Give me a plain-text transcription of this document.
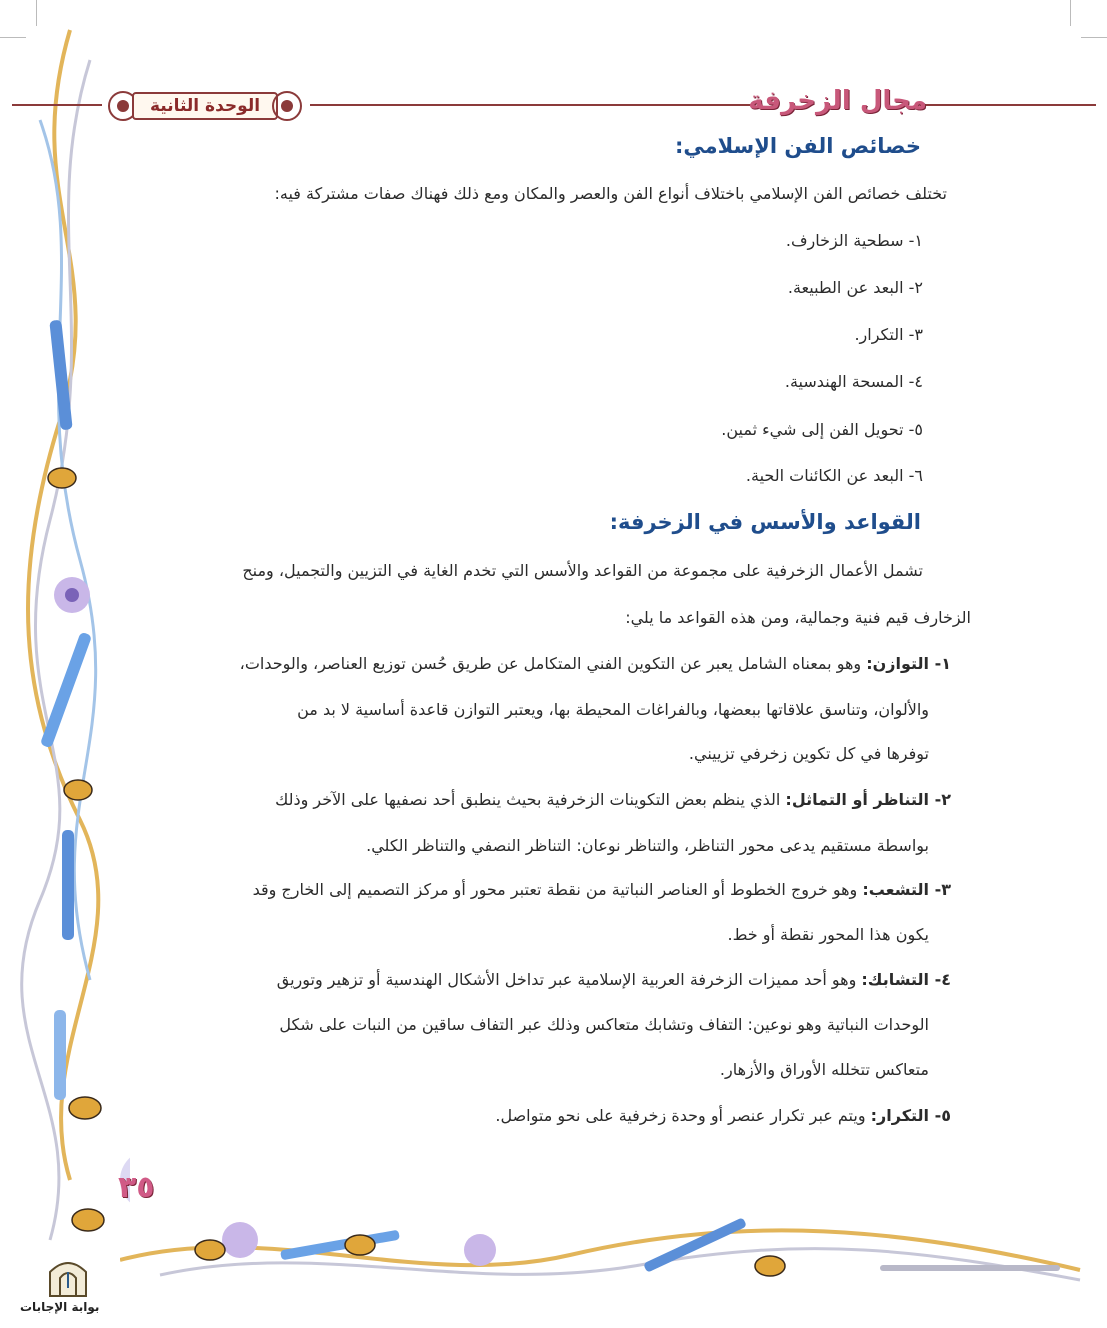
الوحدة الثانية	مجال الزخرفة
خصائص الفن الإسلامي:
تختلف خصائص الفن الإسلامي باختلاف أنواع الفن والعصر والمكان ومع ذلك فهناك صفات مشتركة فيه:
١- سطحية الزخارف.
٢- البعد عن الطبيعة.
٣- التكرار.
٤- المسحة الهندسية.
٥- تحويل الفن إلى شيء ثمين.
٦- البعد عن الكائنات الحية.
القواعد والأسس في الزخرفة:
تشمل الأعمال الزخرفية على مجموعة من القواعد والأسس التي تخدم الغاية في التزيين والتجميل، ومنح
الزخارف قيم فنية وجمالية، ومن هذه القواعد ما يلي:
١- التوازن: وهو بمعناه الشامل يعبر عن التكوين الفني المتكامل عن طريق حُسن توزيع العناصر، والوحدات،
والألوان، وتناسق علاقاتها ببعضها، وبالفراغات المحيطة بها، ويعتبر التوازن قاعدة أساسية لا بد من
توفرها في كل تكوين زخرفي تزييني.
٢- التناظر أو التماثل: الذي ينظم بعض التكوينات الزخرفية بحيث ينطبق أحد نصفيها على الآخر وذلك
بواسطة مستقيم يدعى محور التناظر، والتناظر نوعان: التناظر النصفي والتناظر الكلي.
٣- التشعب: وهو خروج الخطوط أو العناصر النباتية من نقطة تعتبر محور أو مركز التصميم إلى الخارج وقد
يكون هذا المحور نقطة أو خط.
٤- التشابك: وهو أحد مميزات الزخرفة العربية الإسلامية عبر تداخل الأشكال الهندسية أو تزهير وتوريق
الوحدات النباتية وهو نوعين: التفاف وتشابك متعاكس وذلك عبر التفاف ساقين من النبات على شكل
متعاكس تتخلله الأوراق والأزهار.
٥- التكرار: ويتم عبر تكرار عنصر أو وحدة زخرفية على نحو متواصل.
٣٥
بوابة الإجابات
